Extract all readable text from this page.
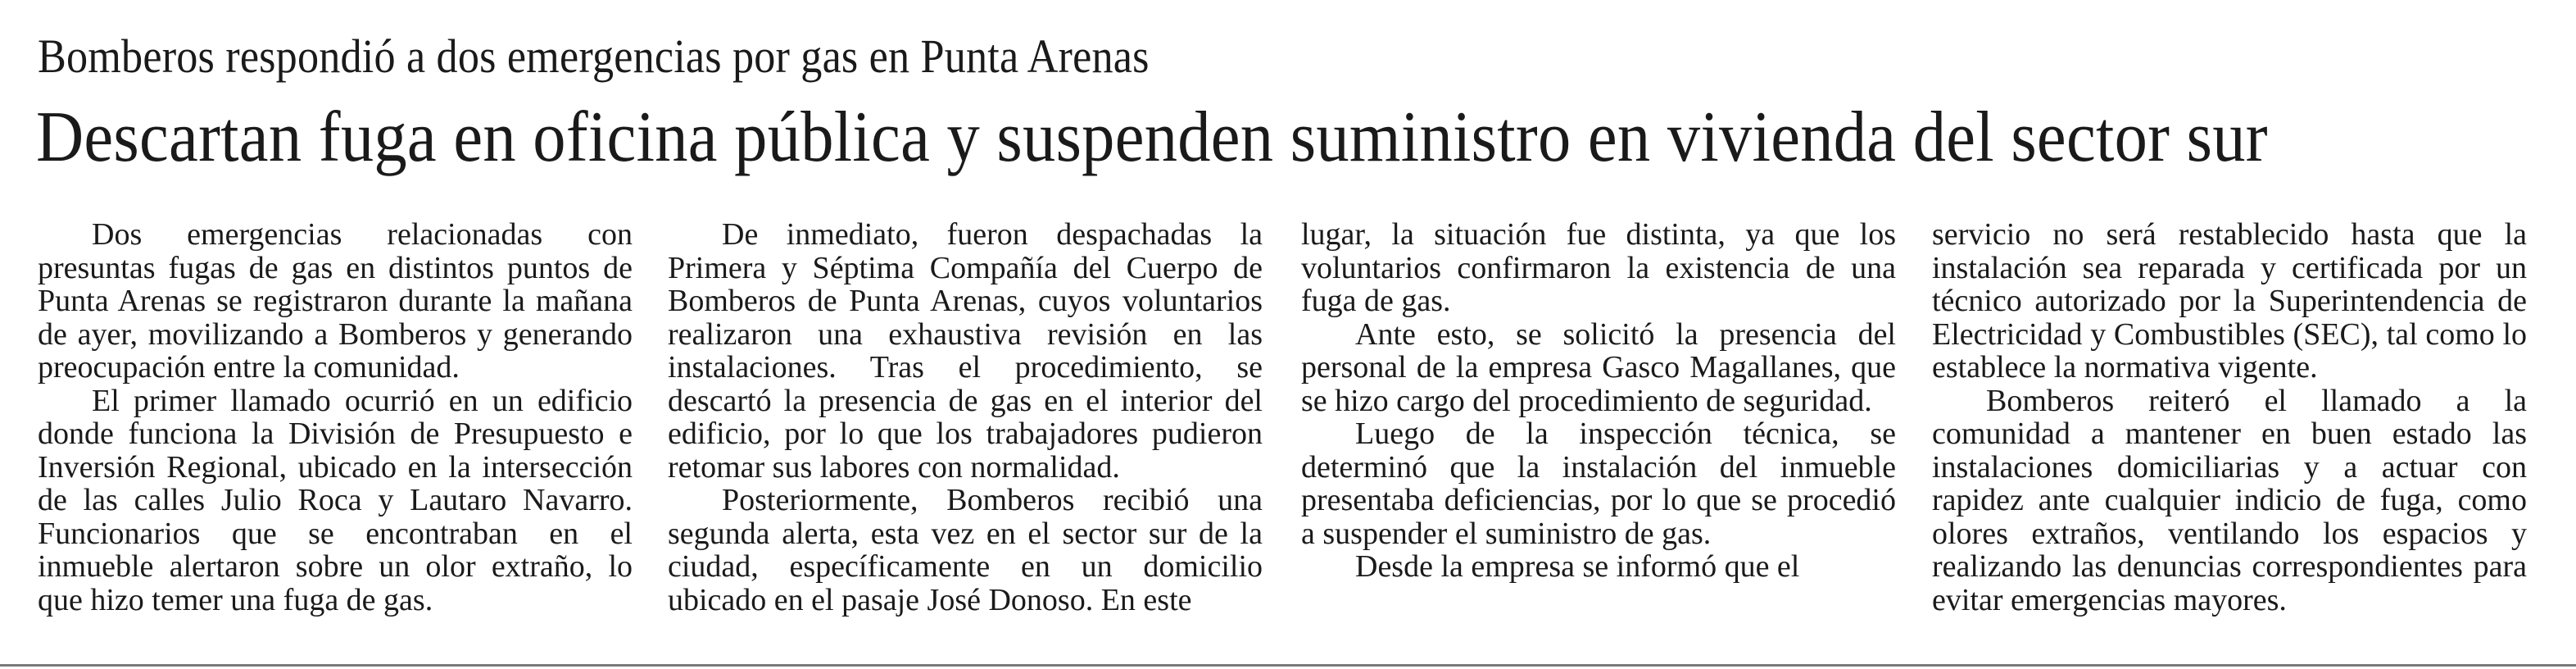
Bomberos respondió a dos emergencias por gas en Punta Arenas
Descartan fuga en oficina pública y suspenden suministro en vivienda del sector sur

Dos emergencias relacionadas con presuntas fugas de gas en distintos puntos de Punta Arenas se registraron durante la mañana de ayer, movilizando a Bomberos y generando preocupación entre la comunidad.

El primer llamado ocurrió en un edificio donde funciona la División de Presupuesto e Inversión Regional, ubicado en la intersección de las calles Julio Roca y Lautaro Navarro. Funcionarios que se encontraban en el inmueble alertaron sobre un olor extraño, lo que hizo temer una fuga de gas.

De inmediato, fueron despachadas la Primera y Séptima Compañía del Cuerpo de Bomberos de Punta Arenas, cuyos voluntarios realizaron una exhaustiva revisión en las instalaciones. Tras el procedimiento, se descartó la presencia de gas en el interior del edificio, por lo que los trabajadores pudieron retomar sus labores con normalidad.

Posteriormente, Bomberos recibió una segunda alerta, esta vez en el sector sur de la ciudad, específicamente en un domicilio ubicado en el pasaje José Donoso. En este

lugar, la situación fue distinta, ya que los voluntarios confirmaron la existencia de una fuga de gas.

Ante esto, se solicitó la presencia del personal de la empresa Gasco Magallanes, que se hizo cargo del procedimiento de seguridad.

Luego de la inspección técnica, se determinó que la instalación del inmueble presentaba deficiencias, por lo que se procedió a suspender el suministro de gas.

Desde la empresa se informó que el

servicio no será restablecido hasta que la instalación sea reparada y certificada por un técnico autorizado por la Superintendencia de Electricidad y Combustibles (SEC), tal como lo establece la normativa vigente.

Bomberos reiteró el llamado a la comunidad a mantener en buen estado las instalaciones domiciliarias y a actuar con rapidez ante cualquier indicio de fuga, como olores extraños, ventilando los espacios y realizando las denuncias correspondientes para evitar emergencias mayores.
